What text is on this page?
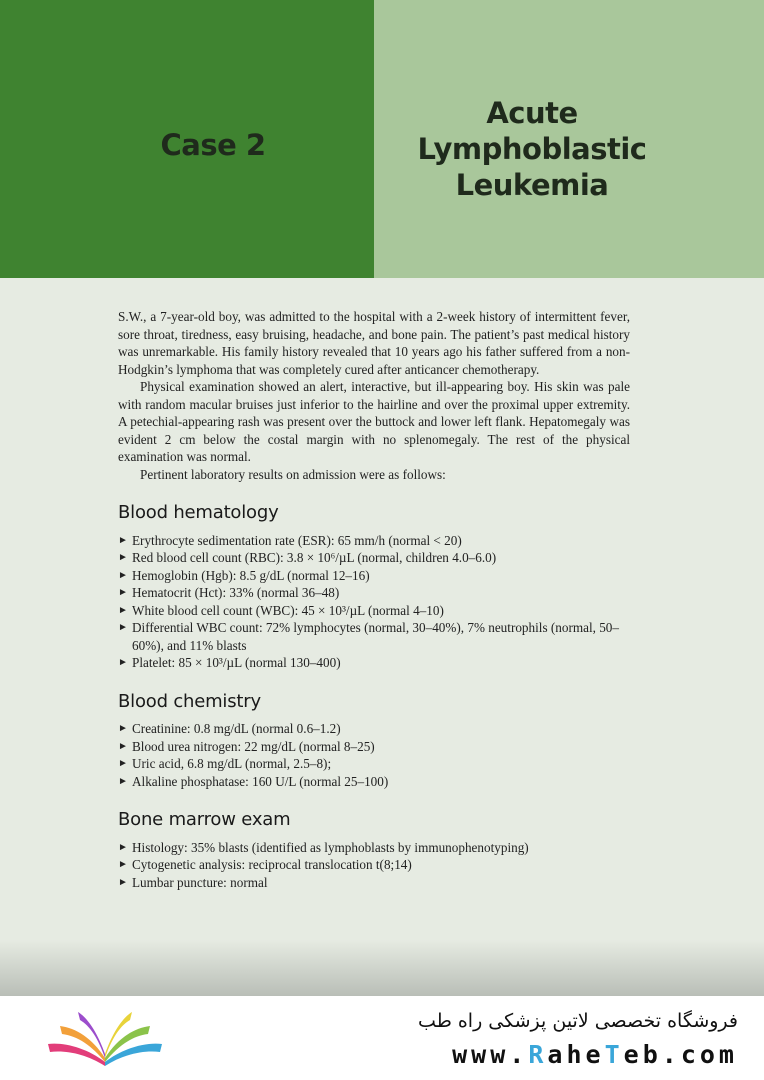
Case 2
Acute
Lymphoblastic
Leukemia

S.W., a 7-year-old boy, was admitted to the hospital with a 2-week history of intermittent fever, sore throat, tiredness, easy bruising, headache, and bone pain. The patient’s past medical history was unremarkable. His family history revealed that 10 years ago his father suffered from a non-Hodgkin’s lymphoma that was completely cured after anticancer chemotherapy.

Physical examination showed an alert, interactive, but ill-appearing boy. His skin was pale with random macular bruises just inferior to the hairline and over the proximal upper extremity. A petechial-appearing rash was present over the buttock and lower left flank. Hepatomegaly was evident 2 cm below the costal margin with no splenomegaly. The rest of the physical examination was normal.

Pertinent laboratory results on admission were as follows:

Blood hematology
► Erythrocyte sedimentation rate (ESR): 65 mm/h (normal < 20)
► Red blood cell count (RBC): 3.8 × 10⁶/µL (normal, children 4.0–6.0)
► Hemoglobin (Hgb): 8.5 g/dL (normal 12–16)
► Hematocrit (Hct): 33% (normal 36–48)
► White blood cell count (WBC): 45 × 10³/µL (normal 4–10)
► Differential WBC count: 72% lymphocytes (normal, 30–40%), 7% neutrophils (normal, 50–60%), and 11% blasts
► Platelet: 85 × 10³/µL (normal 130–400)
Blood chemistry
► Creatinine: 0.8 mg/dL (normal 0.6–1.2)
► Blood urea nitrogen: 22 mg/dL (normal 8–25)
► Uric acid, 6.8 mg/dL (normal, 2.5–8);
► Alkaline phosphatase: 160 U/L (normal 25–100)
Bone marrow exam
► Histology: 35% blasts (identified as lymphoblasts by immunophenotyping)
► Cytogenetic analysis: reciprocal translocation t(8;14)
► Lumbar puncture: normal
فروشگاه تخصصی لاتین پزشکی راه طب
www.RaheTeb.com
